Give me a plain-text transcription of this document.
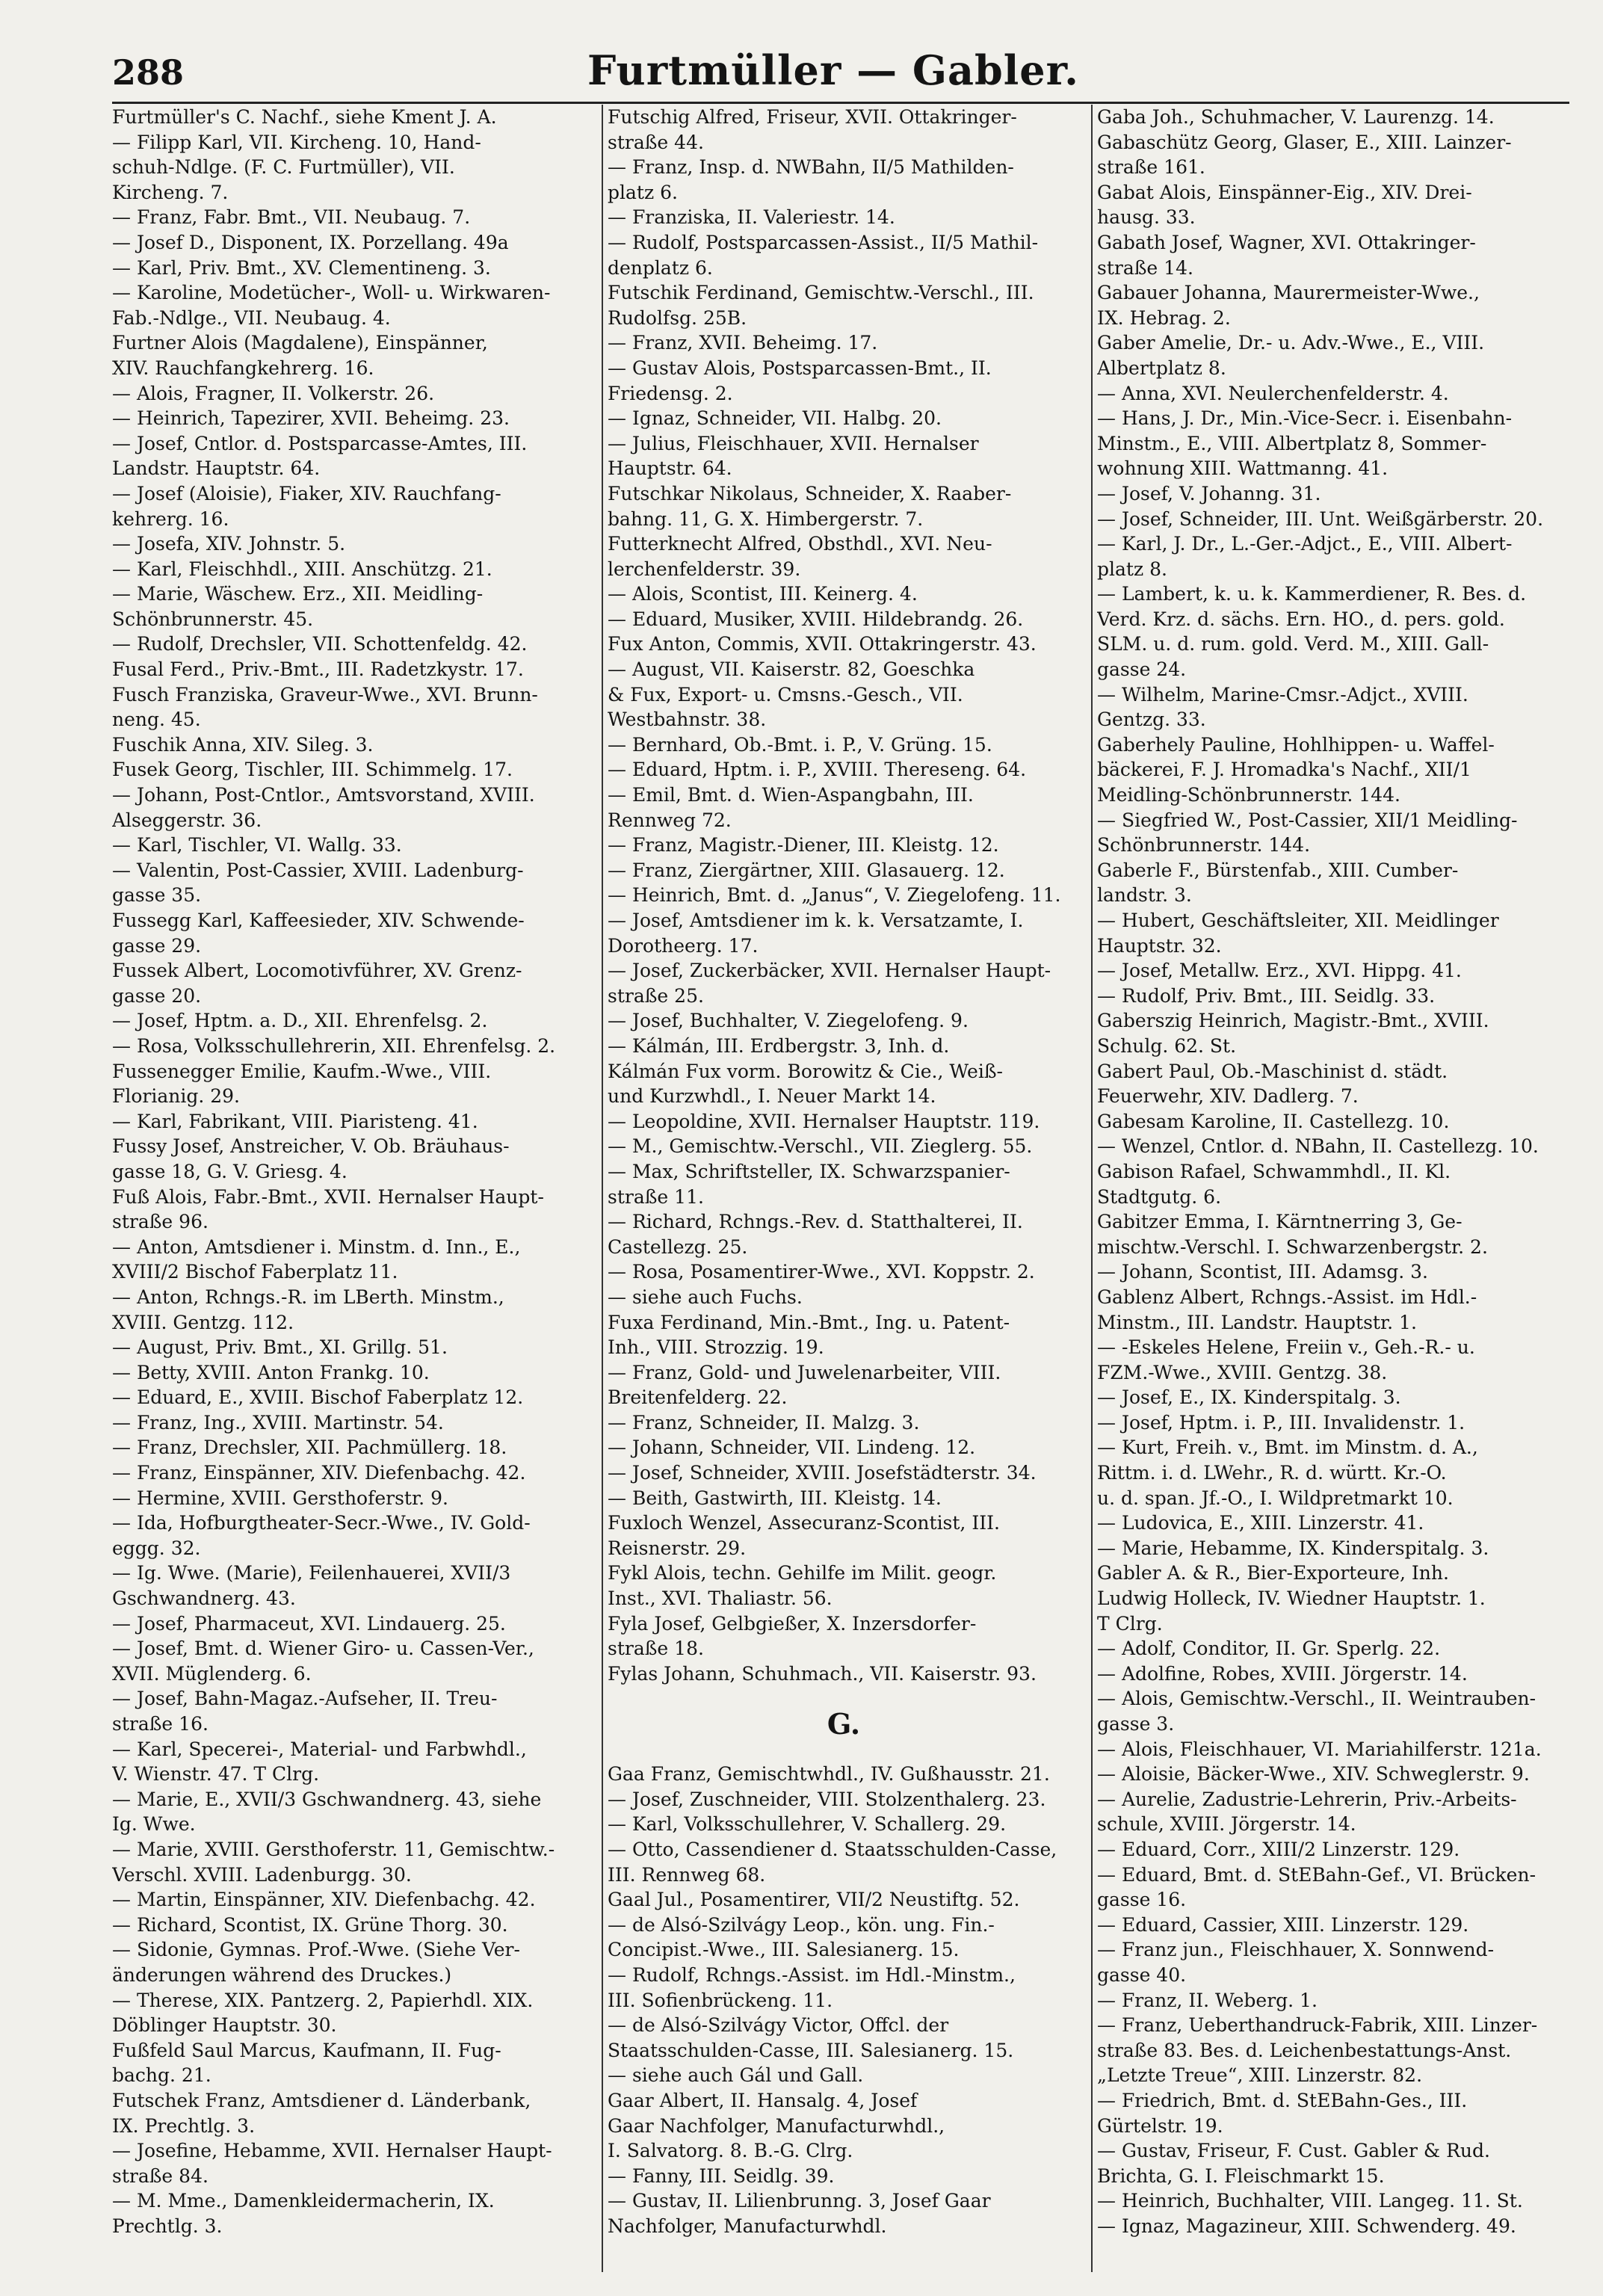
288	Furtmüller — Gabler.
Furtmüller's C. Nachf., siehe Kment J. A.
— Filipp Karl, VII. Kircheng. 10, Hand-
schuh-Ndlge. (F. C. Furtmüller), VII.
Kircheng. 7.
— Franz, Fabr. Bmt., VII. Neubaug. 7.
— Josef D., Disponent, IX. Porzellang. 49a
— Karl, Priv. Bmt., XV. Clementineng. 3.
— Karoline, Modetücher-, Woll- u. Wirkwaren-
Fab.-Ndlge., VII. Neubaug. 4.
Furtner Alois (Magdalene), Einspänner,
XIV. Rauchfangkehrerg. 16.
— Alois, Fragner, II. Volkerstr. 26.
— Heinrich, Tapezirer, XVII. Beheimg. 23.
— Josef, Cntlor. d. Postsparcasse-Amtes, III.
Landstr. Hauptstr. 64.
— Josef (Aloisie), Fiaker, XIV. Rauchfang-
kehrerg. 16.
— Josefa, XIV. Johnstr. 5.
— Karl, Fleischhdl., XIII. Anschützg. 21.
— Marie, Wäschew. Erz., XII. Meidling-
Schönbrunnerstr. 45.
— Rudolf, Drechsler, VII. Schottenfeldg. 42.
Fusal Ferd., Priv.-Bmt., III. Radetzkystr. 17.
Fusch Franziska, Graveur-Wwe., XVI. Brunn-
neng. 45.
Fuschik Anna, XIV. Sileg. 3.
Fusek Georg, Tischler, III. Schimmelg. 17.
— Johann, Post-Cntlor., Amtsvorstand, XVIII.
Alseggerstr. 36.
— Karl, Tischler, VI. Wallg. 33.
— Valentin, Post-Cassier, XVIII. Ladenburg-
gasse 35.
Fussegg Karl, Kaffeesieder, XIV. Schwende-
gasse 29.
Fussek Albert, Locomotivführer, XV. Grenz-
gasse 20.
— Josef, Hptm. a. D., XII. Ehrenfelsg. 2.
— Rosa, Volksschullehrerin, XII. Ehrenfelsg. 2.
Fussenegger Emilie, Kaufm.-Wwe., VIII.
Florianig. 29.
— Karl, Fabrikant, VIII. Piaristeng. 41.
Fussy Josef, Anstreicher, V. Ob. Bräuhaus-
gasse 18, G. V. Griesg. 4.
Fuß Alois, Fabr.-Bmt., XVII. Hernalser Haupt-
straße 96.
— Anton, Amtsdiener i. Minstm. d. Inn., E.,
XVIII/2 Bischof Faberplatz 11.
— Anton, Rchngs.-R. im LBerth. Minstm.,
XVIII. Gentzg. 112.
— August, Priv. Bmt., XI. Grillg. 51.
— Betty, XVIII. Anton Frankg. 10.
— Eduard, E., XVIII. Bischof Faberplatz 12.
— Franz, Ing., XVIII. Martinstr. 54.
— Franz, Drechsler, XII. Pachmüllerg. 18.
— Franz, Einspänner, XIV. Diefenbachg. 42.
— Hermine, XVIII. Gersthoferstr. 9.
— Ida, Hofburgtheater-Secr.-Wwe., IV. Gold-
eggg. 32.
— Ig. Wwe. (Marie), Feilenhauerei, XVII/3
Gschwandnerg. 43.
— Josef, Pharmaceut, XVI. Lindauerg. 25.
— Josef, Bmt. d. Wiener Giro- u. Cassen-Ver.,
XVII. Müglenderg. 6.
— Josef, Bahn-Magaz.-Aufseher, II. Treu-
straße 16.
— Karl, Specerei-, Material- und Farbwhdl.,
V. Wienstr. 47. T Clrg.
— Marie, E., XVII/3 Gschwandnerg. 43, siehe
Ig. Wwe.
— Marie, XVIII. Gersthoferstr. 11, Gemischtw.-
Verschl. XVIII. Ladenburgg. 30.
— Martin, Einspänner, XIV. Diefenbachg. 42.
— Richard, Scontist, IX. Grüne Thorg. 30.
— Sidonie, Gymnas. Prof.-Wwe. (Siehe Ver-
änderungen während des Druckes.)
— Therese, XIX. Pantzerg. 2, Papierhdl. XIX.
Döblinger Hauptstr. 30.
Fußfeld Saul Marcus, Kaufmann, II. Fug-
bachg. 21.
Futschek Franz, Amtsdiener d. Länderbank,
IX. Prechtlg. 3.
— Josefine, Hebamme, XVII. Hernalser Haupt-
straße 84.
— M. Mme., Damenkleidermacherin, IX.
Prechtlg. 3.
Futschig Alfred, Friseur, XVII. Ottakringer-
straße 44.
— Franz, Insp. d. NWBahn, II/5 Mathilden-
platz 6.
— Franziska, II. Valeriestr. 14.
— Rudolf, Postsparcassen-Assist., II/5 Mathil-
denplatz 6.
Futschik Ferdinand, Gemischtw.-Verschl., III.
Rudolfsg. 25B.
— Franz, XVII. Beheimg. 17.
— Gustav Alois, Postsparcassen-Bmt., II.
Friedensg. 2.
— Ignaz, Schneider, VII. Halbg. 20.
— Julius, Fleischhauer, XVII. Hernalser
Hauptstr. 64.
Futschkar Nikolaus, Schneider, X. Raaber-
bahng. 11, G. X. Himbergerstr. 7.
Futterknecht Alfred, Obsthdl., XVI. Neu-
lerchenfelderstr. 39.
— Alois, Scontist, III. Keinerg. 4.
— Eduard, Musiker, XVIII. Hildebrandg. 26.
Fux Anton, Commis, XVII. Ottakringerstr. 43.
— August, VII. Kaiserstr. 82, Goeschka
& Fux, Export- u. Cmsns.-Gesch., VII.
Westbahnstr. 38.
— Bernhard, Ob.-Bmt. i. P., V. Grüng. 15.
— Eduard, Hptm. i. P., XVIII. Thereseng. 64.
— Emil, Bmt. d. Wien-Aspangbahn, III.
Rennweg 72.
— Franz, Magistr.-Diener, III. Kleistg. 12.
— Franz, Ziergärtner, XIII. Glasauerg. 12.
— Heinrich, Bmt. d. „Janus“, V. Ziegelofeng. 11.
— Josef, Amtsdiener im k. k. Versatzamte, I.
Dorotheerg. 17.
— Josef, Zuckerbäcker, XVII. Hernalser Haupt-
straße 25.
— Josef, Buchhalter, V. Ziegelofeng. 9.
— Kálmán, III. Erdbergstr. 3, Inh. d.
Kálmán Fux vorm. Borowitz & Cie., Weiß-
und Kurzwhdl., I. Neuer Markt 14.
— Leopoldine, XVII. Hernalser Hauptstr. 119.
— M., Gemischtw.-Verschl., VII. Zieglerg. 55.
— Max, Schriftsteller, IX. Schwarzspanier-
straße 11.
— Richard, Rchngs.-Rev. d. Statthalterei, II.
Castellezg. 25.
— Rosa, Posamentirer-Wwe., XVI. Koppstr. 2.
— siehe auch Fuchs.
Fuxa Ferdinand, Min.-Bmt., Ing. u. Patent-
Inh., VIII. Strozzig. 19.
— Franz, Gold- und Juwelenarbeiter, VIII.
Breitenfelderg. 22.
— Franz, Schneider, II. Malzg. 3.
— Johann, Schneider, VII. Lindeng. 12.
— Josef, Schneider, XVIII. Josefstädterstr. 34.
— Beith, Gastwirth, III. Kleistg. 14.
Fuxloch Wenzel, Assecuranz-Scontist, III.
Reisnerstr. 29.
Fykl Alois, techn. Gehilfe im Milit. geogr.
Inst., XVI. Thaliastr. 56.
Fyla Josef, Gelbgießer, X. Inzersdorfer-
straße 18.
Fylas Johann, Schuhmach., VII. Kaiserstr. 93.
G.
Gaa Franz, Gemischtwhdl., IV. Gußhausstr. 21.
— Josef, Zuschneider, VIII. Stolzenthalerg. 23.
— Karl, Volksschullehrer, V. Schallerg. 29.
— Otto, Cassendiener d. Staatsschulden-Casse,
III. Rennweg 68.
Gaal Jul., Posamentirer, VII/2 Neustiftg. 52.
— de Alsó-Szilvágy Leop., kön. ung. Fin.-
Concipist.-Wwe., III. Salesianerg. 15.
— Rudolf, Rchngs.-Assist. im Hdl.-Minstm.,
III. Sofienbrückeng. 11.
— de Alsó-Szilvágy Victor, Offcl. der
Staatsschulden-Casse, III. Salesianerg. 15.
— siehe auch Gál und Gall.
Gaar Albert, II. Hansalg. 4, Josef
Gaar Nachfolger, Manufacturwhdl.,
I. Salvatorg. 8. B.-G. Clrg.
— Fanny, III. Seidlg. 39.
— Gustav, II. Lilienbrunng. 3, Josef Gaar
Nachfolger, Manufacturwhdl.
Gaba Joh., Schuhmacher, V. Laurenzg. 14.
Gabaschütz Georg, Glaser, E., XIII. Lainzer-
straße 161.
Gabat Alois, Einspänner-Eig., XIV. Drei-
hausg. 33.
Gabath Josef, Wagner, XVI. Ottakringer-
straße 14.
Gabauer Johanna, Maurermeister-Wwe.,
IX. Hebrag. 2.
Gaber Amelie, Dr.- u. Adv.-Wwe., E., VIII.
Albertplatz 8.
— Anna, XVI. Neulerchenfelderstr. 4.
— Hans, J. Dr., Min.-Vice-Secr. i. Eisenbahn-
Minstm., E., VIII. Albertplatz 8, Sommer-
wohnung XIII. Wattmanng. 41.
— Josef, V. Johanng. 31.
— Josef, Schneider, III. Unt. Weißgärberstr. 20.
— Karl, J. Dr., L.-Ger.-Adjct., E., VIII. Albert-
platz 8.
— Lambert, k. u. k. Kammerdiener, R. Bes. d.
Verd. Krz. d. sächs. Ern. HO., d. pers. gold.
SLM. u. d. rum. gold. Verd. M., XIII. Gall-
gasse 24.
— Wilhelm, Marine-Cmsr.-Adjct., XVIII.
Gentzg. 33.
Gaberhely Pauline, Hohlhippen- u. Waffel-
bäckerei, F. J. Hromadka's Nachf., XII/1
Meidling-Schönbrunnerstr. 144.
— Siegfried W., Post-Cassier, XII/1 Meidling-
Schönbrunnerstr. 144.
Gaberle F., Bürstenfab., XIII. Cumber-
landstr. 3.
— Hubert, Geschäftsleiter, XII. Meidlinger
Hauptstr. 32.
— Josef, Metallw. Erz., XVI. Hippg. 41.
— Rudolf, Priv. Bmt., III. Seidlg. 33.
Gaberszig Heinrich, Magistr.-Bmt., XVIII.
Schulg. 62. St.
Gabert Paul, Ob.-Maschinist d. städt.
Feuerwehr, XIV. Dadlerg. 7.
Gabesam Karoline, II. Castellezg. 10.
— Wenzel, Cntlor. d. NBahn, II. Castellezg. 10.
Gabison Rafael, Schwammhdl., II. Kl.
Stadtgutg. 6.
Gabitzer Emma, I. Kärntnerring 3, Ge-
mischtw.-Verschl. I. Schwarzenbergstr. 2.
— Johann, Scontist, III. Adamsg. 3.
Gablenz Albert, Rchngs.-Assist. im Hdl.-
Minstm., III. Landstr. Hauptstr. 1.
— -Eskeles Helene, Freiin v., Geh.-R.- u.
FZM.-Wwe., XVIII. Gentzg. 38.
— Josef, E., IX. Kinderspitalg. 3.
— Josef, Hptm. i. P., III. Invalidenstr. 1.
— Kurt, Freih. v., Bmt. im Minstm. d. A.,
Rittm. i. d. LWehr., R. d. württ. Kr.-O.
u. d. span. Jf.-O., I. Wildpretmarkt 10.
— Ludovica, E., XIII. Linzerstr. 41.
— Marie, Hebamme, IX. Kinderspitalg. 3.
Gabler A. & R., Bier-Exporteure, Inh.
Ludwig Holleck, IV. Wiedner Hauptstr. 1.
T Clrg.
— Adolf, Conditor, II. Gr. Sperlg. 22.
— Adolfine, Robes, XVIII. Jörgerstr. 14.
— Alois, Gemischtw.-Verschl., II. Weintrauben-
gasse 3.
— Alois, Fleischhauer, VI. Mariahilferstr. 121a.
— Aloisie, Bäcker-Wwe., XIV. Schweglerstr. 9.
— Aurelie, Zadustrie-Lehrerin, Priv.-Arbeits-
schule, XVIII. Jörgerstr. 14.
— Eduard, Corr., XIII/2 Linzerstr. 129.
— Eduard, Bmt. d. StEBahn-Gef., VI. Brücken-
gasse 16.
— Eduard, Cassier, XIII. Linzerstr. 129.
— Franz jun., Fleischhauer, X. Sonnwend-
gasse 40.
— Franz, II. Weberg. 1.
— Franz, Ueberthandruck-Fabrik, XIII. Linzer-
straße 83. Bes. d. Leichenbestattungs-Anst.
„Letzte Treue“, XIII. Linzerstr. 82.
— Friedrich, Bmt. d. StEBahn-Ges., III.
Gürtelstr. 19.
— Gustav, Friseur, F. Cust. Gabler & Rud.
Brichta, G. I. Fleischmarkt 15.
— Heinrich, Buchhalter, VIII. Langeg. 11. St.
— Ignaz, Magazineur, XIII. Schwenderg. 49.
